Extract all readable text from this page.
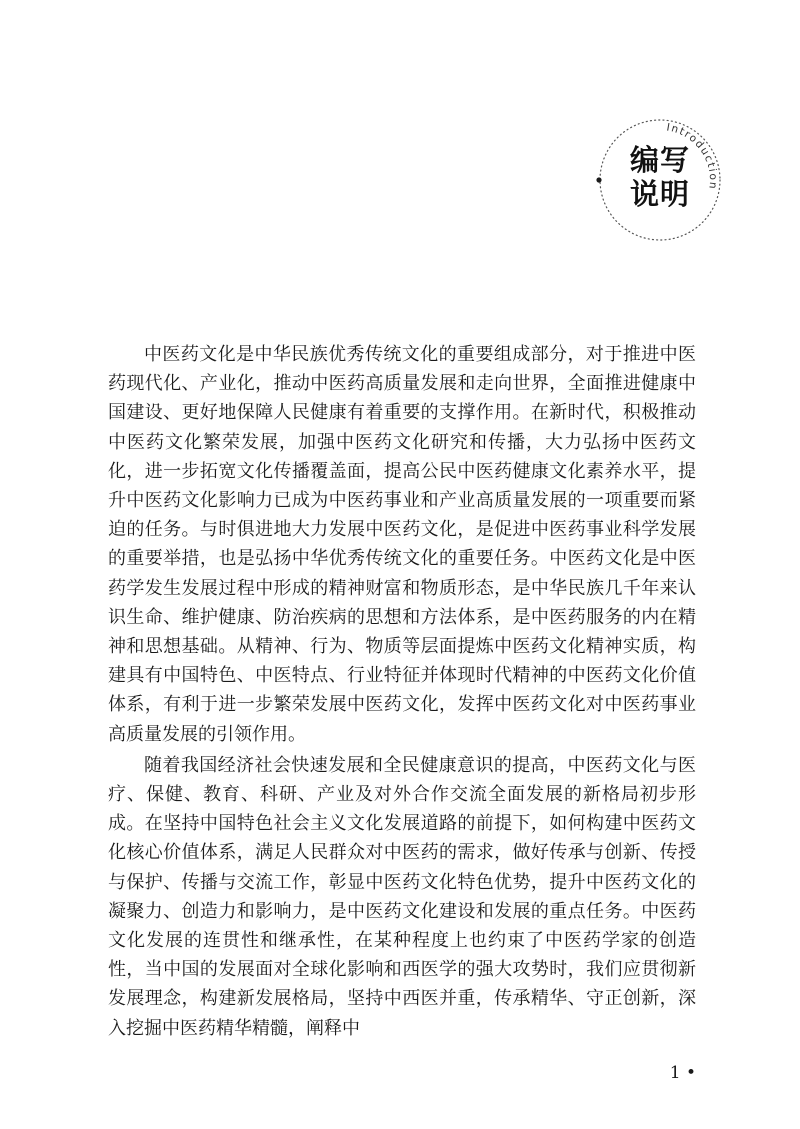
Introduction
编写
说明

中医药文化是中华民族优秀传统文化的重要组成部分，对于推进中医药现代化、产业化，推动中医药高质量发展和走向世界，全面推进健康中国建设、更好地保障人民健康有着重要的支撑作用。在新时代，积极推动中医药文化繁荣发展，加强中医药文化研究和传播，大力弘扬中医药文化，进一步拓宽文化传播覆盖面，提高公民中医药健康文化素养水平，提升中医药文化影响力已成为中医药事业和产业高质量发展的一项重要而紧迫的任务。与时俱进地大力发展中医药文化，是促进中医药事业科学发展的重要举措，也是弘扬中华优秀传统文化的重要任务。中医药文化是中医药学发生发展过程中形成的精神财富和物质形态，是中华民族几千年来认识生命、维护健康、防治疾病的思想和方法体系，是中医药服务的内在精神和思想基础。从精神、行为、物质等层面提炼中医药文化精神实质，构建具有中国特色、中医特点、行业特征并体现时代精神的中医药文化价值体系，有利于进一步繁荣发展中医药文化，发挥中医药文化对中医药事业高质量发展的引领作用。

随着我国经济社会快速发展和全民健康意识的提高，中医药文化与医疗、保健、教育、科研、产业及对外合作交流全面发展的新格局初步形成。在坚持中国特色社会主义文化发展道路的前提下，如何构建中医药文化核心价值体系，满足人民群众对中医药的需求，做好传承与创新、传授与保护、传播与交流工作，彰显中医药文化特色优势，提升中医药文化的凝聚力、创造力和影响力，是中医药文化建设和发展的重点任务。中医药文化发展的连贯性和继承性，在某种程度上也约束了中医药学家的创造性，当中国的发展面对全球化影响和西医学的强大攻势时，我们应贯彻新发展理念，构建新发展格局，坚持中西医并重，传承精华、守正创新，深入挖掘中医药精华精髓，阐释中

1 •
